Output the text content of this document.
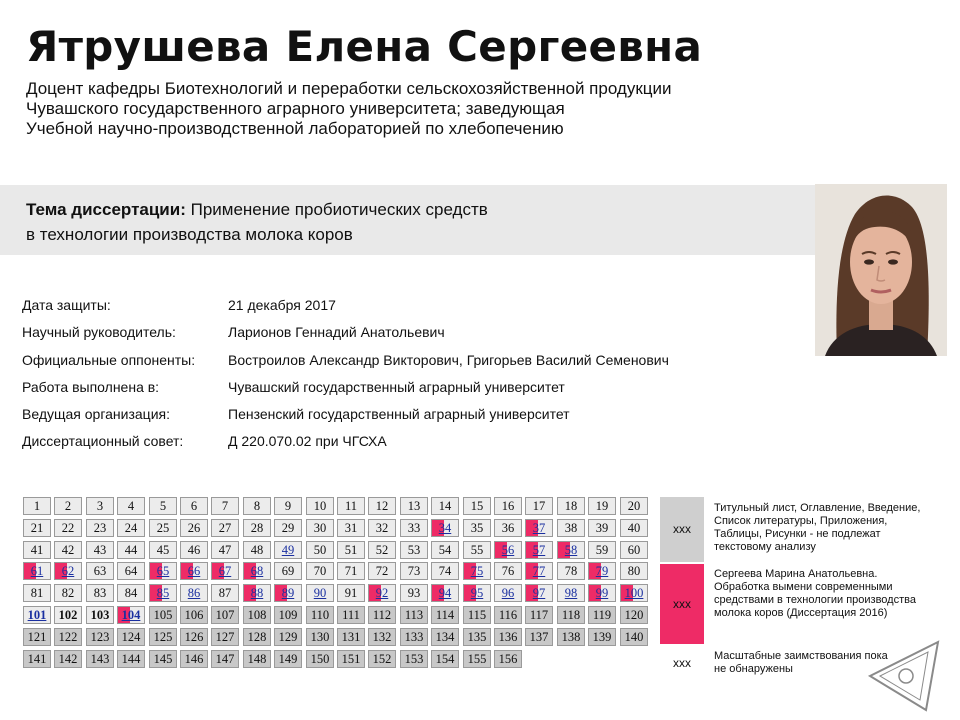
Ятрушева Елена Сергеевна
Доцент кафедры Биотехнологий и переработки сельскохозяйственной продукции
Чувашского государственного аграрного университета; заведующая
Учебной научно-производственной лабораторией по хлебопечению
Тема диссертации: Применение пробиотических средств
в технологии производства молока коров
Дата защиты:	21 декабря 2017
Научный руководитель:	Ларионов Геннадий Анатольевич
Официальные оппоненты:	Востроилов Александр Викторович, Григорьев Василий Семенович
Работа выполнена в:	Чувашский государственный аграрный университет
Ведущая организация:	Пензенский государственный аграрный университет
Диссертационный совет:	Д 220.070.02 при ЧГСХА
1	2	3	4	5	6	7	8	9	10	11	12	13	14	15	16	17	18	19	20
21	22	23	24	25	26	27	28	29	30	31	32	33	34	35	36	37	38	39	40
41	42	43	44	45	46	47	48	49	50	51	52	53	54	55	56	57	58	59	60
61	62	63	64	65	66	67	68	69	70	71	72	73	74	75	76	77	78	79	80
81	82	83	84	85	86	87	88	89	90	91	92	93	94	95	96	97	98	99	100
101 102	103 104	105 106 107	108 109	110	111	112	113	114	115	116	117	118	119	120
121 122	123 124	125 126 127	128 129	130 131 132	133 134	135 136 137	138 139	140
141 142	143 144	145 146 147	148 149	150 151 152	153 154	155 156
ххх
Титульный лист, Оглавление, Введение, Список литературы, Приложения, Таблицы, Рисунки - не подлежат текстовому анализу
ххх
Сергеева Марина Анатольевна. Обработка вымени современными средствами в технологии производства молока коров (Диссертация 2016)
ххх	Масштабные заимствования пока не обнаружены
